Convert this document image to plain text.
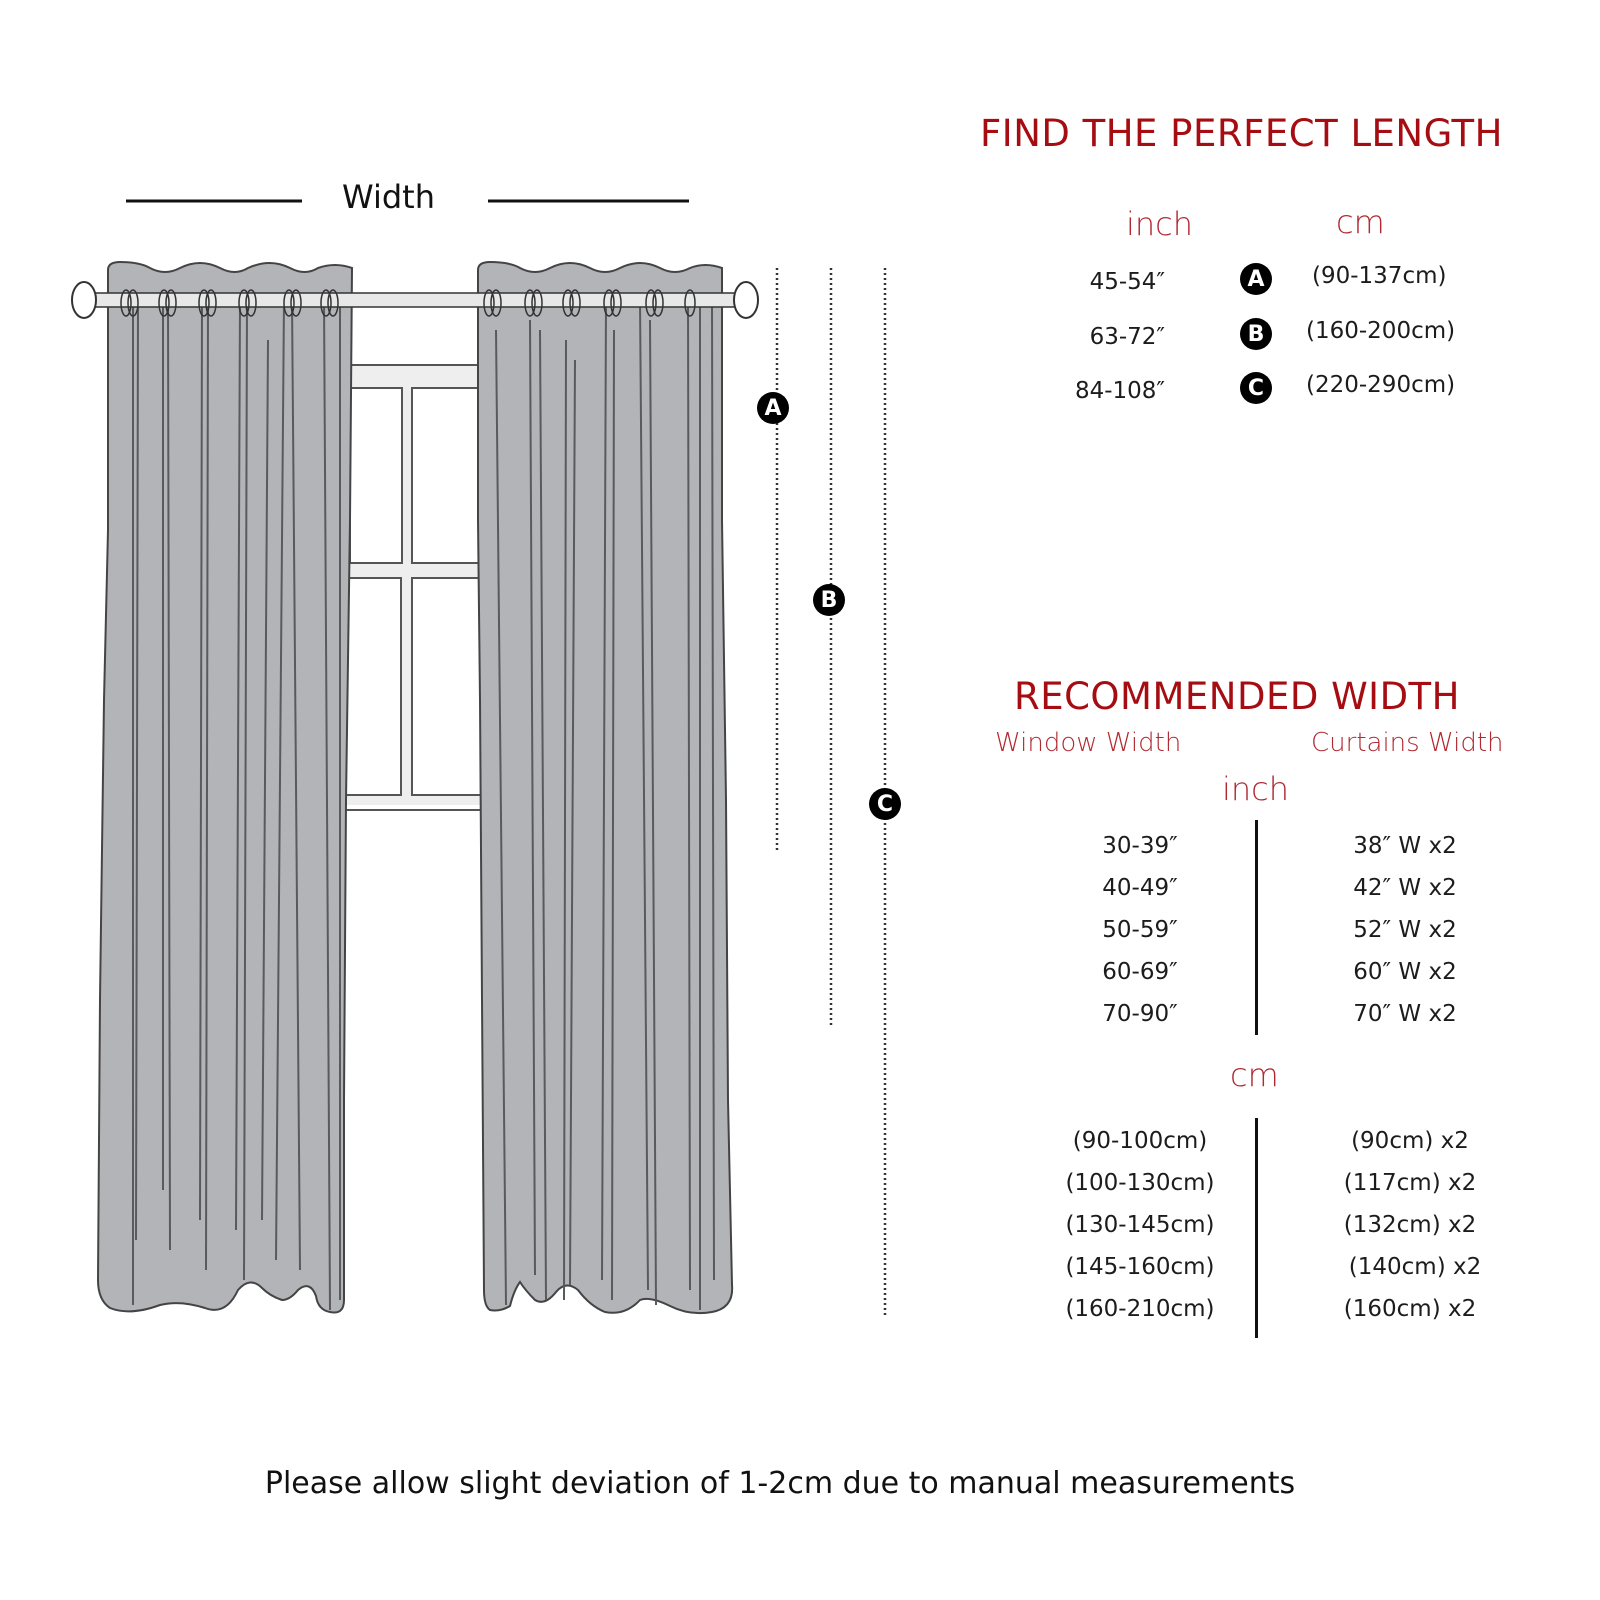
Width
A
B
C
FIND THE PERFECT LENGTH
inch	cm
45-54″	A	(90-137cm)
63-72″	B	(160-200cm)
84-108″	C	(220-290cm)
RECOMMENDED WIDTH
Window Width	Curtains Width
inch
30-39″	38″ W x2
40-49″	42″ W x2
50-59″	52″ W x2
60-69″	60″ W x2
70-90″	70″ W x2
cm
(90-100cm)	(90cm) x2
(100-130cm)	(117cm) x2
(130-145cm)	(132cm) x2
(145-160cm)	(140cm) x2
(160-210cm)	(160cm) x2
Please allow slight deviation of 1-2cm due to manual measurements
